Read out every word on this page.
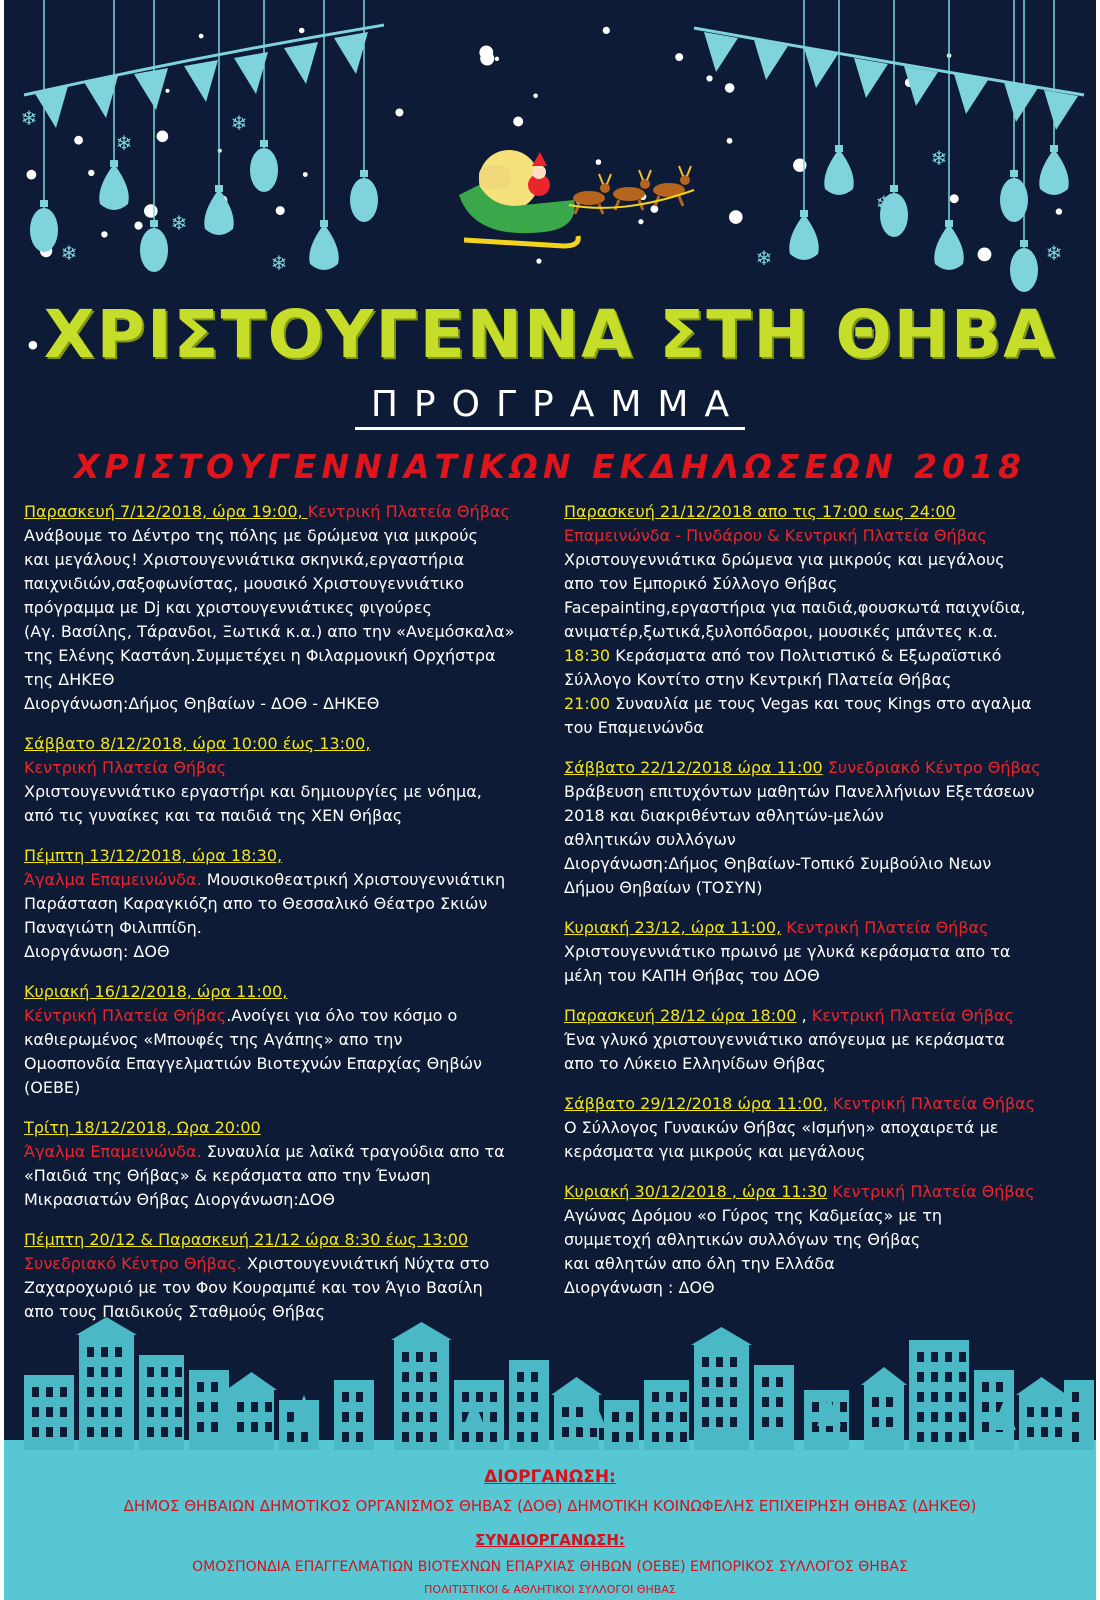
❄
❄
❄
❄
❄
❄
❄
❄
❄
❄
❄
ΧΡΙΣΤΟΥΓΕΝΝΑ ΣΤΗ ΘΗΒΑ
ΠΡΟΓΡΑΜΜΑ
ΧΡΙΣΤΟΥΓΕΝΝΙΑΤΙΚΩΝ ΕΚΔΗΛΩΣΕΩΝ 2018
Παρασκευή 7/12/2018, ώρα 19:00, Κεντρική Πλατεία Θήβας
Ανάβουμε το Δέντρο της πόλης με δρώμενα για μικρούς
και μεγάλους! Χριστουγεννιάτικα σκηνικά,εργαστήρια
παιχνιδιών,σαξοφωνίστας, μουσικό Χριστουγεννιάτικο
πρόγραμμα με Dj και χριστουγεννιάτικες φιγούρες
(Αγ. Βασίλης, Τάρανδοι, Ξωτικά κ.α.) απο την «Ανεμόσκαλα»
της Ελένης Καστάνη.Συμμετέχει η Φιλαρμονική Ορχήστρα
της ΔΗΚΕΘ
Διοργάνωση:Δήμος Θηβαίων - ΔΟΘ - ΔΗΚΕΘ
Σάββατο 8/12/2018, ώρα 10:00 έως 13:00,
Κεντρική Πλατεία Θήβας
Χριστουγεννιάτικο εργαστήρι και δημιουργίες με νόημα,
από τις γυναίκες και τα παιδιά της ΧΕΝ Θήβας
Πέμπτη 13/12/2018, ώρα 18:30,
Άγαλμα Επαμεινώνδα. Μουσικοθεατρική Χριστουγεννιάτικη
Παράσταση Καραγκιόζη απο το Θεσσαλικό Θέατρο Σκιών
Παναγιώτη Φιλιππίδη.
Διοργάνωση: ΔΟΘ
Κυριακή 16/12/2018, ώρα 11:00,
Κέντρική Πλατεία Θήβας.Ανοίγει για όλο τον κόσμο ο
καθιερωμένος «Μπουφές της Αγάπης» απο την
Ομοσπονδία Επαγγελματιών Βιοτεχνών Επαρχίας Θηβών
(ΟΕΒΕ)
Τρίτη 18/12/2018, Ωρα 20:00
Άγαλμα Επαμεινώνδα. Συναυλία με λαϊκά τραγούδια απο τα
«Παιδιά της Θήβας» & κεράσματα απο την Ένωση
Μικρασιατών Θήβας Διοργάνωση:ΔΟΘ
Πέμπτη 20/12 & Παρασκευή 21/12 ώρα 8:30 έως 13:00
Συνεδριακό Κέντρο Θήβας. Χριστουγεννιάτική Νύχτα στο
Ζαχαροχωριό με τον Φον Κουραμπιέ και τον Άγιο Βασίλη
απο τους Παιδικούς Σταθμούς Θήβας
Παρασκευή 21/12/2018 απο τις 17:00 εως 24:00
Επαμεινώνδα - Πινδάρου & Κεντρική Πλατεία Θήβας
Χριστουγεννιάτικα δρώμενα για μικρούς και μεγάλους
απο τον Εμπορικό Σύλλογο Θήβας
Facepainting,εργαστήρια για παιδιά,φουσκωτά παιχνίδια,
ανιματέρ,ξωτικά,ξυλοπόδαροι, μουσικές μπάντες κ.α.
18:30 Κεράσματα από τον Πολιτιστικό & Εξωραϊστικό
Σύλλογο Κοντίτο στην Κεντρική Πλατεία Θήβας
21:00 Συναυλία με τους Vegas και τους Kings στο αγαλμα
του Επαμεινώνδα
Σάββατο 22/12/2018 ώρα 11:00 Συνεδριακό Κέντρο Θήβας
Βράβευση επιτυχόντων μαθητών Πανελλήνιων Εξετάσεων
2018 και διακριθέντων αθλητών-μελών
αθλητικών συλλόγων
Διοργάνωση:Δήμος Θηβαίων-Τοπικό Συμβούλιο Νεων
Δήμου Θηβαίων (ΤΟΣΥΝ)
Κυριακή 23/12, ώρα 11:00, Κεντρική Πλατεία Θήβας
Χριστουγεννιάτικο πρωινό με γλυκά κεράσματα απο τα
μέλη του ΚΑΠΗ Θήβας του ΔΟΘ
Παρασκευή 28/12 ώρα 18:00 , Κεντρική Πλατεία Θήβας
Ένα γλυκό χριστουγεννιάτικο απόγευμα με κεράσματα
απο το Λύκειο Ελληνίδων Θήβας
Σάββατο 29/12/2018 ώρα 11:00, Κεντρική Πλατεία Θήβας
Ο Σύλλογος Γυναικών Θήβας «Ισμήνη» αποχαιρετά με
κεράσματα για μικρούς και μεγάλους
Κυριακή 30/12/2018 , ώρα 11:30 Κεντρική Πλατεία Θήβας
Αγώνας Δρόμου «ο Γύρος της Καδμείας» με τη
συμμετοχή αθλητικών συλλόγων της Θήβας
και αθλητών απο όλη την Ελλάδα
Διοργάνωση : ΔΟΘ
ΔΙΟΡΓΑΝΩΣΗ:
ΔΗΜΟΣ ΘΗΒΑΙΩΝ ΔΗΜΟΤΙΚΟΣ ΟΡΓΑΝΙΣΜΟΣ ΘΗΒΑΣ (ΔΟΘ) ΔΗΜΟΤΙΚΗ ΚΟΙΝΩΦΕΛΗΣ ΕΠΙΧΕΙΡΗΣΗ ΘΗΒΑΣ (ΔΗΚΕΘ)
ΣΥΝΔΙΟΡΓΑΝΩΣΗ:
ΟΜΟΣΠΟΝΔΙΑ ΕΠΑΓΓΕΛΜΑΤΙΩΝ ΒΙΟΤΕΧΝΩΝ ΕΠΑΡΧΙΑΣ ΘΗΒΩΝ (ΟΕΒΕ) ΕΜΠΟΡΙΚΟΣ ΣΥΛΛΟΓΟΣ ΘΗΒΑΣ
ΠΟΛΙΤΙΣΤΙΚΟΙ & ΑΘΛΗΤΙΚΟΙ ΣΥΛΛΟΓΟΙ ΘΗΒΑΣ
